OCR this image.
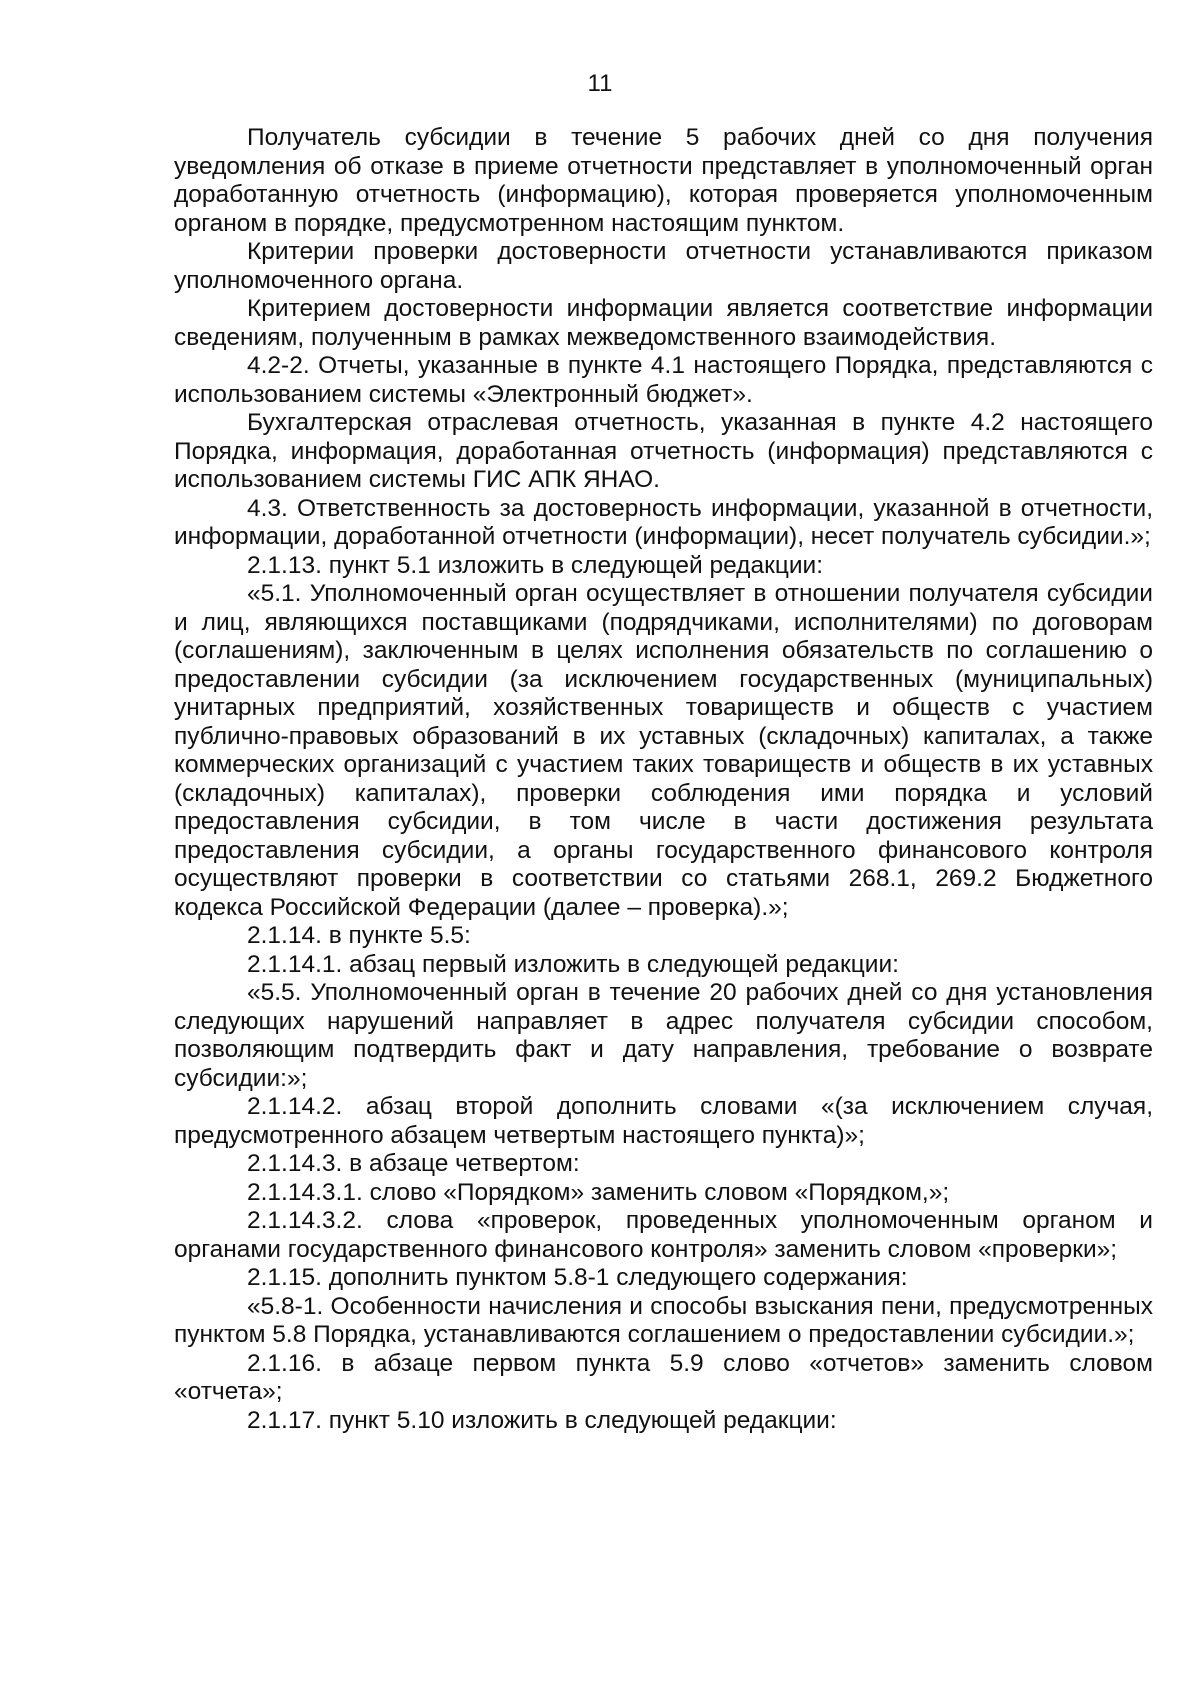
11

Получатель субсидии в течение 5 рабочих дней со дня получения уведомления об отказе в приеме отчетности представляет в уполномоченный орган доработанную отчетность (информацию), которая проверяется уполномоченным органом в порядке, предусмотренном настоящим пунктом.

Критерии проверки достоверности отчетности устанавливаются приказом уполномоченного органа.

Критерием достоверности информации является соответствие информации сведениям, полученным в рамках межведомственного взаимодействия.

4.2-2. Отчеты, указанные в пункте 4.1 настоящего Порядка, представляются с использованием системы «Электронный бюджет».

Бухгалтерская отраслевая отчетность, указанная в пункте 4.2 настоящего Порядка, информация, доработанная отчетность (информация) представляются с использованием системы ГИС АПК ЯНАО.

4.3. Ответственность за достоверность информации, указанной в отчетности, информации, доработанной отчетности (информации), несет получатель субсидии.»;

2.1.13. пункт 5.1 изложить в следующей редакции:

«5.1. Уполномоченный орган осуществляет в отношении получателя субсидии и лиц, являющихся поставщиками (подрядчиками, исполнителями) по договорам (соглашениям), заключенным в целях исполнения обязательств по соглашению о предоставлении субсидии (за исключением государственных (муниципальных) унитарных предприятий, хозяйственных товариществ и обществ с участием публично-правовых образований в их уставных (складочных) капиталах, а также коммерческих организаций с участием таких товариществ и обществ в их уставных (складочных) капиталах), проверки соблюдения ими порядка и условий предоставления субсидии, в том числе в части достижения результата предоставления субсидии, а органы государственного финансового контроля осуществляют проверки в соответствии со статьями 268.1, 269.2 Бюджетного кодекса Российской Федерации (далее – проверка).»;

2.1.14. в пункте 5.5:

2.1.14.1. абзац первый изложить в следующей редакции:

«5.5. Уполномоченный орган в течение 20 рабочих дней со дня установления следующих нарушений направляет в адрес получателя субсидии способом, позволяющим подтвердить факт и дату направления, требование о возврате субсидии:»;

2.1.14.2. абзац второй дополнить словами «(за исключением случая, предусмотренного абзацем четвертым настоящего пункта)»;

2.1.14.3. в абзаце четвертом:

2.1.14.3.1. слово «Порядком» заменить словом «Порядком,»;

2.1.14.3.2. слова «проверок, проведенных уполномоченным органом и органами государственного финансового контроля» заменить словом «проверки»;

2.1.15. дополнить пунктом 5.8-1 следующего содержания:

«5.8-1. Особенности начисления и способы взыскания пени, предусмотренных пунктом 5.8 Порядка, устанавливаются соглашением о предоставлении субсидии.»;

2.1.16. в абзаце первом пункта 5.9 слово «отчетов» заменить словом «отчета»;

2.1.17. пункт 5.10 изложить в следующей редакции:
